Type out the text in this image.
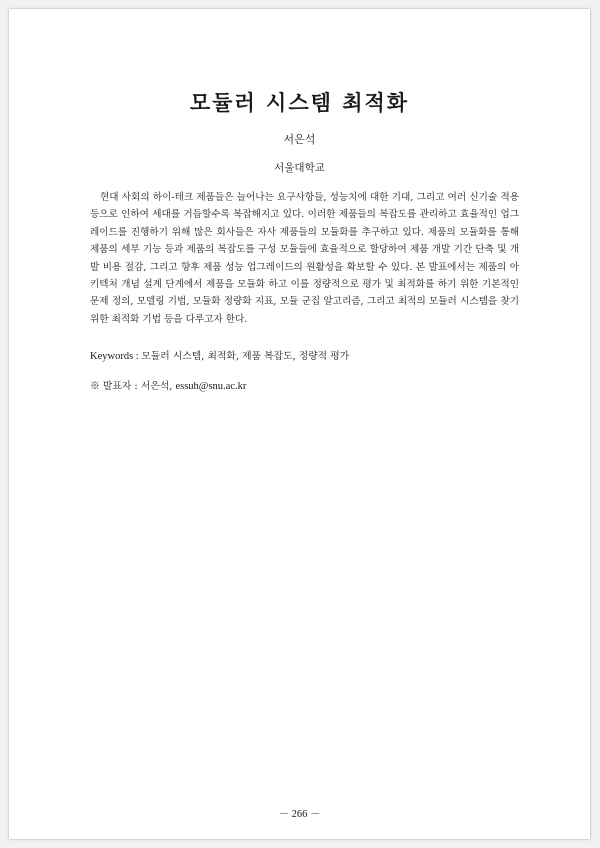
모듈러 시스템 최적화
서은석
서울대학교

현대 사회의 하이-테크 제품들은 늘어나는 요구사항들, 성능치에 대한 기대, 그리고 여러 신기술 적용 등으로 인하여 세대를 거듭할수록 복잡해지고 있다. 이러한 제품들의 복잡도를 관리하고 효율적인 업그레이드를 진행하기 위해 많은 회사들은 자사 제품들의 모듈화를 추구하고 있다. 제품의 모듈화를 통해 제품의 세부 기능 등과 제품의 복잡도를 구성 모듈들에 효율적으로 할당하여 제품 개발 기간 단축 및 개발 비용 절감, 그리고 향후 제품 성능 업그레이드의 원활성을 확보할 수 있다. 본 발표에서는 제품의 아키텍처 개념 설계 단계에서 제품을 모듈화 하고 이를 정량적으로 평가 및 최적화를 하기 위한 기본적인 문제 정의, 모델링 기법, 모듈화 정량화 지표, 모듈 군집 알고리즘, 그리고 최적의 모듈러 시스템을 찾기 위한 최적화 기법 등을 다루고자 한다.

Keywords : 모듈러 시스템, 최적화, 제품 복잡도, 정량적 평가
※ 발표자 : 서은석, essuh@snu.ac.kr
－ 266 －
